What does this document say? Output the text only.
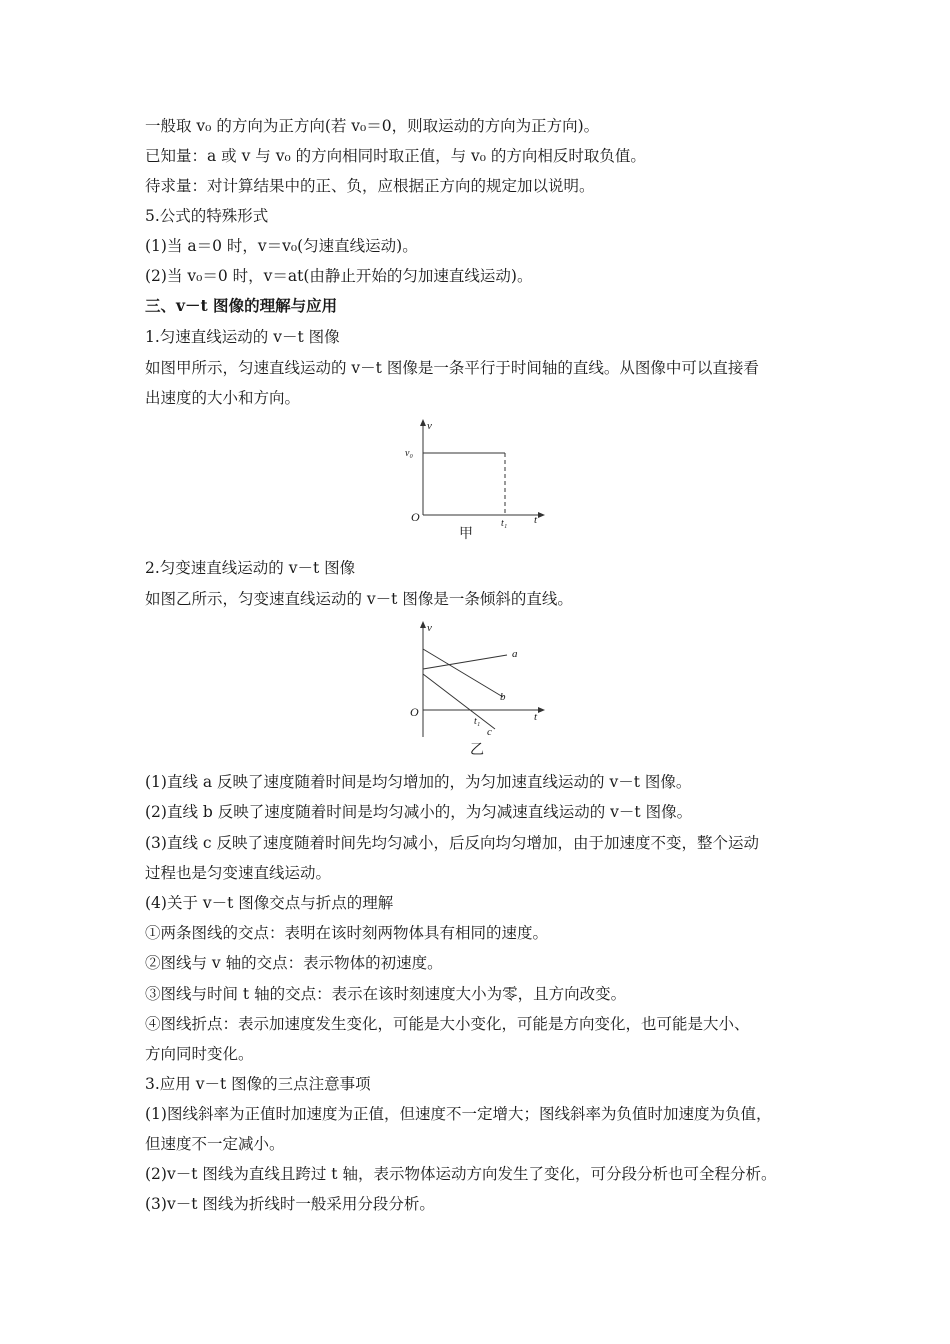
一般取 v₀ 的方向为正方向(若 v₀＝0，则取运动的方向为正方向)。
已知量：a 或 v 与 v₀ 的方向相同时取正值，与 v₀ 的方向相反时取负值。
待求量：对计算结果中的正、负，应根据正方向的规定加以说明。
5.公式的特殊形式
(1)当 a＝0 时，v＝v₀(匀速直线运动)。
(2)当 v₀＝0 时，v＝at(由静止开始的匀加速直线运动)。
三、v－t 图像的理解与应用
1.匀速直线运动的 v－t 图像
如图甲所示，匀速直线运动的 v－t 图像是一条平行于时间轴的直线。从图像中可以直接看
出速度的大小和方向。
v
v₀
O	t₁ t
甲
2.匀变速直线运动的 v－t 图像
如图乙所示，匀变速直线运动的 v－t 图像是一条倾斜的直线。
v
a
b
O
t₁
c
t
乙
(1)直线 a 反映了速度随着时间是均匀增加的，为匀加速直线运动的 v－t 图像。
(2)直线 b 反映了速度随着时间是均匀减小的，为匀减速直线运动的 v－t 图像。
(3)直线 c 反映了速度随着时间先均匀减小，后反向均匀增加，由于加速度不变，整个运动
过程也是匀变速直线运动。
(4)关于 v－t 图像交点与折点的理解
①两条图线的交点：表明在该时刻两物体具有相同的速度。
②图线与 v 轴的交点：表示物体的初速度。
③图线与时间 t 轴的交点：表示在该时刻速度大小为零，且方向改变。
④图线折点：表示加速度发生变化，可能是大小变化，可能是方向变化，也可能是大小、
方向同时变化。
3.应用 v－t 图像的三点注意事项
(1)图线斜率为正值时加速度为正值，但速度不一定增大；图线斜率为负值时加速度为负值，
但速度不一定减小。
(2)v－t 图线为直线且跨过 t 轴，表示物体运动方向发生了变化，可分段分析也可全程分析。
(3)v－t 图线为折线时一般采用分段分析。
